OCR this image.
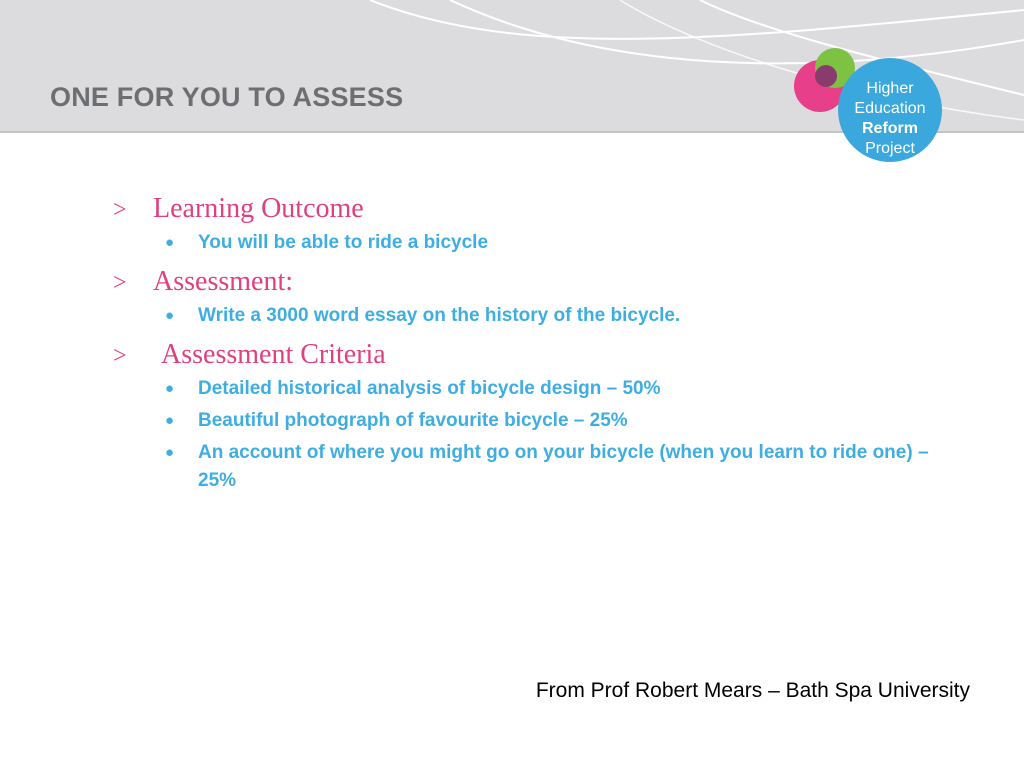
ONE FOR YOU TO ASSESS	Higher
Education
Reform
Project
> Learning Outcome
●	You will be able to ride a bicycle
> Assessment:
●	Write a 3000 word essay on the history of the bicycle.
>	Assessment Criteria
●	Detailed historical analysis of bicycle design – 50%
●	Beautiful photograph of favourite bicycle – 25%
●	An account of where you might go on your bicycle (when you learn to ride one) – 25%
From Prof Robert Mears – Bath Spa University
